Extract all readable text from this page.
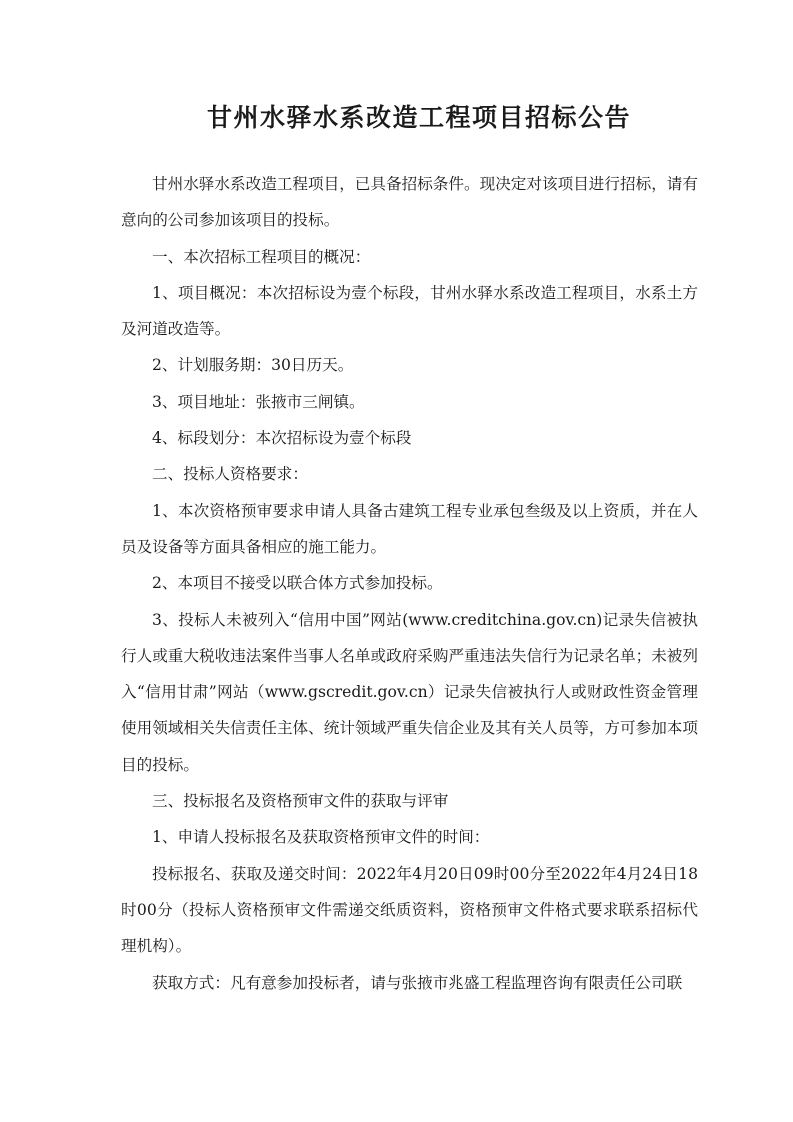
甘州水驿水系改造工程项目招标公告

甘州水驿水系改造工程项目，已具备招标条件。现决定对该项目进行招标，请有意向的公司参加该项目的投标。

一、本次招标工程项目的概况：

1、项目概况：本次招标设为壹个标段，甘州水驿水系改造工程项目，水系土方及河道改造等。

2、计划服务期：30日历天。

3、项目地址：张掖市三闸镇。

4、标段划分：本次招标设为壹个标段

二、投标人资格要求：

1、本次资格预审要求申请人具备古建筑工程专业承包叁级及以上资质，并在人员及设备等方面具备相应的施工能力。

2、本项目不接受以联合体方式参加投标。

3、投标人未被列入“信用中国”网站(www.creditchina.gov.cn)记录失信被执行人或重大税收违法案件当事人名单或政府采购严重违法失信行为记录名单；未被列入“信用甘肃”网站（www.gscredit.gov.cn）记录失信被执行人或财政性资金管理使用领域相关失信责任主体、统计领域严重失信企业及其有关人员等，方可参加本项目的投标。

三、投标报名及资格预审文件的获取与评审

1、申请人投标报名及获取资格预审文件的时间：

投标报名、获取及递交时间：2022年4月20日09时00分至2022年4月24日18时00分（投标人资格预审文件需递交纸质资料，资格预审文件格式要求联系招标代理机构）。

获取方式：凡有意参加投标者，请与张掖市兆盛工程监理咨询有限责任公司联
